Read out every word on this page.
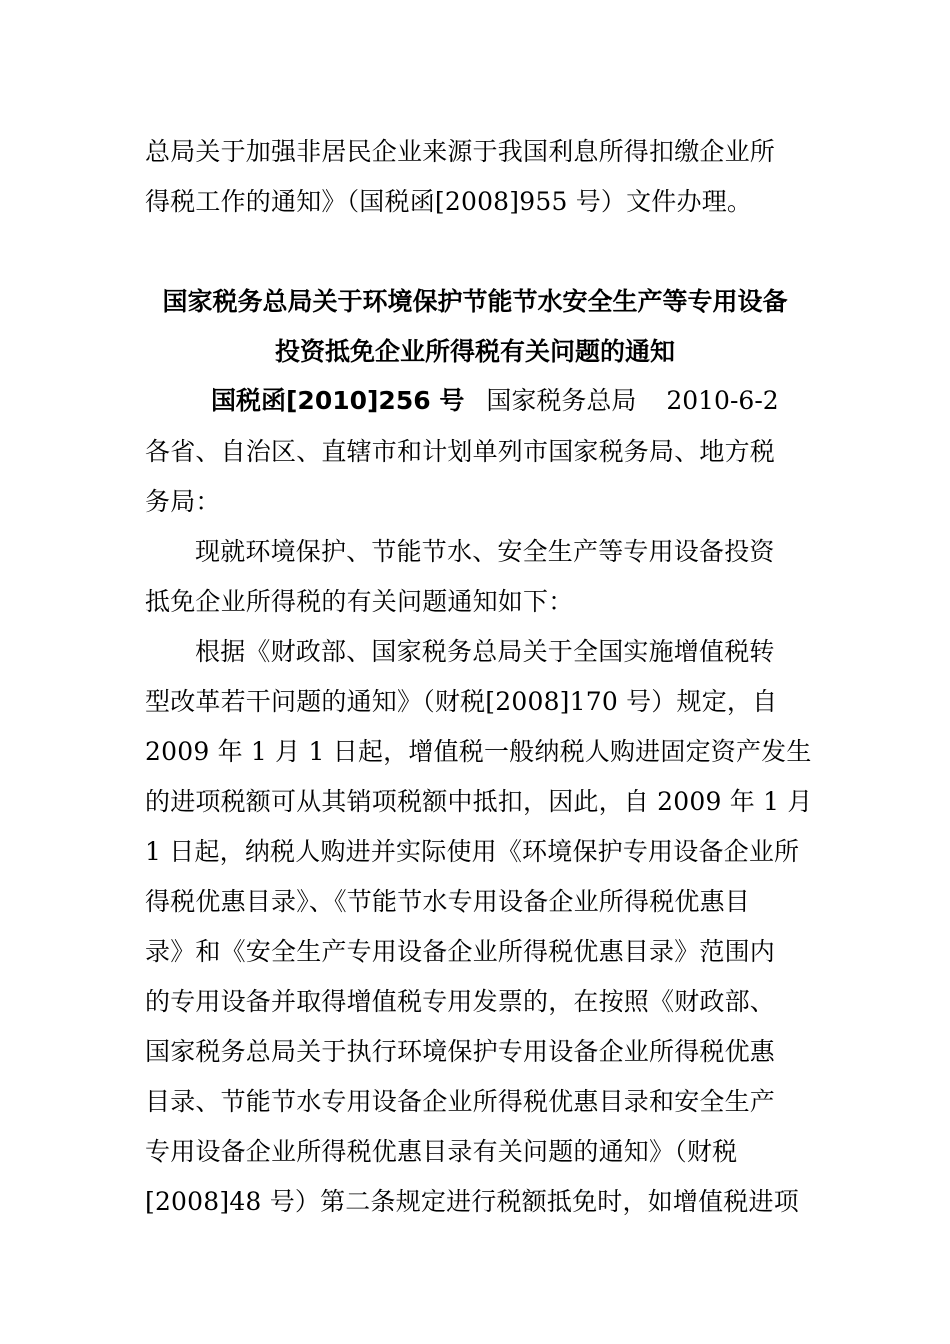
总局关于加强非居民企业来源于我国利息所得扣缴企业所
得税工作的通知》（国税函[2008]955 号）文件办理。
国家税务总局关于环境保护节能节水安全生产等专用设备
投资抵免企业所得税有关问题的通知
国税函[2010]256 号 国家税务总局 2010-6-2
各省、自治区、直辖市和计划单列市国家税务局、地方税
务局：
现就环境保护、节能节水、安全生产等专用设备投资
抵免企业所得税的有关问题通知如下：
根据《财政部、国家税务总局关于全国实施增值税转
型改革若干问题的通知》（财税[2008]170 号）规定，自
2009 年 1 月 1 日起，增值税一般纳税人购进固定资产发生
的进项税额可从其销项税额中抵扣，因此，自 2009 年 1 月
1 日起，纳税人购进并实际使用《环境保护专用设备企业所
得税优惠目录》、《节能节水专用设备企业所得税优惠目
录》和《安全生产专用设备企业所得税优惠目录》范围内
的专用设备并取得增值税专用发票的，在按照《财政部、
国家税务总局关于执行环境保护专用设备企业所得税优惠
目录、节能节水专用设备企业所得税优惠目录和安全生产
专用设备企业所得税优惠目录有关问题的通知》（财税
[2008]48 号）第二条规定进行税额抵免时，如增值税进项
